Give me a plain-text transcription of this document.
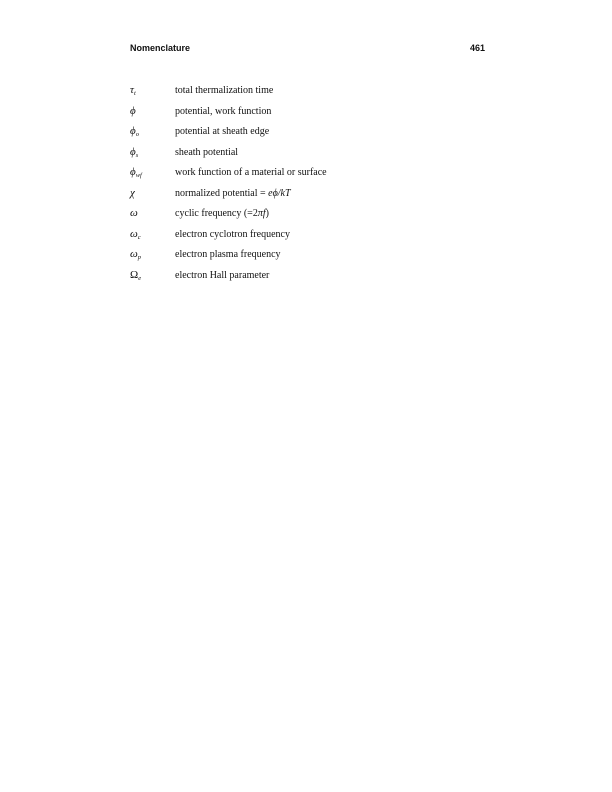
Nomenclature	461
$\tau_t$	total thermalization time
ϕ	potential, work function
$\phi_o$	potential at sheath edge
$\phi_s$	sheath potential
$\phi_{wf}$	work function of a material or surface
χ	normalized potential = eϕ/kT
ω	cyclic frequency (=2πf)
$\omega_c$	electron cyclotron frequency
$\omega_p$	electron plasma frequency
$\Omega_e$	electron Hall parameter
